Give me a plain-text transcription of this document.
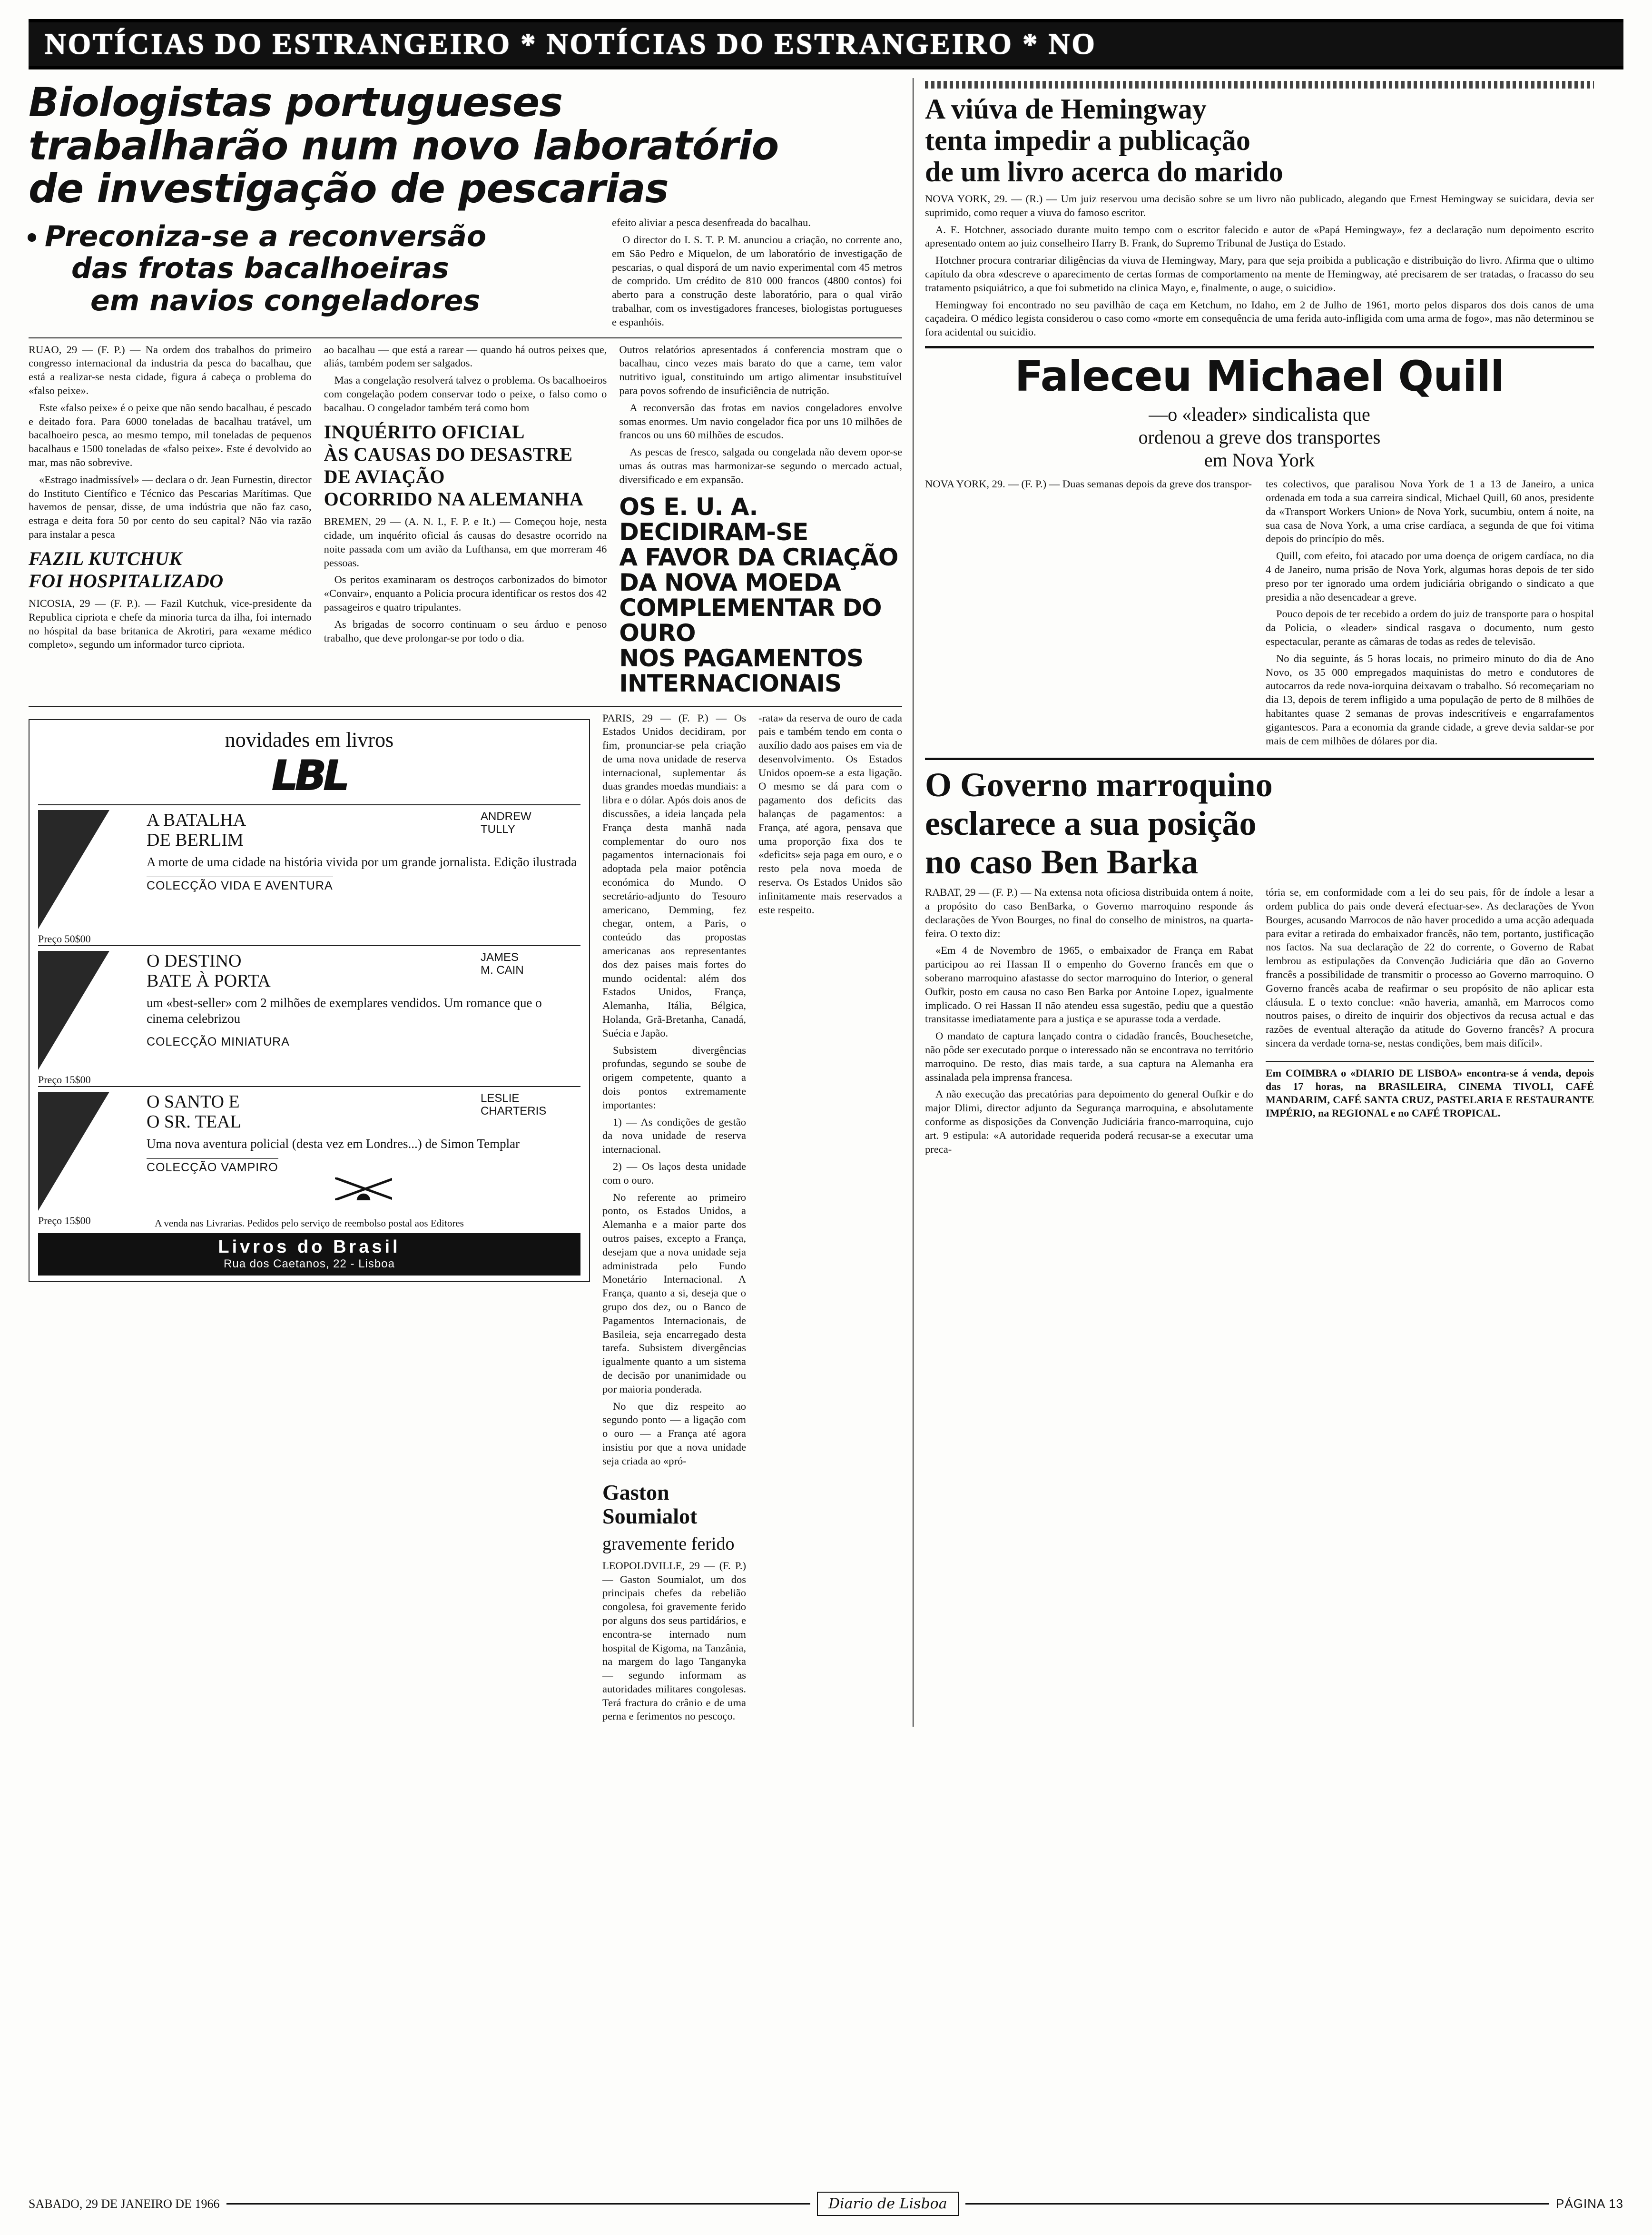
NOTÍCIAS DO ESTRANGEIRO * NOTÍCIAS DO ESTRANGEIRO * NO
Biologistas portugueses
trabalharão num novo laboratório
de investigação de pescarias
Preconiza-se a reconversão
das frotas bacalhoeiras
em navios congeladores

efeito aliviar a pesca desenfreada do bacalhau.

O director do I. S. T. P. M. anunciou a criação, no corrente ano, em São Pedro e Miquelon, de um laboratório de investigação de pescarias, o qual disporá de um navio experimental com 45 metros de comprido. Um crédito de 810 000 francos (4800 contos) foi aberto para a construção deste laboratório, para o qual virão trabalhar, com os investigadores franceses, biologistas portugueses e espanhóis.

RUAO, 29 — (F. P.) — Na ordem dos trabalhos do primeiro congresso internacional da industria da pesca do bacalhau, que está a realizar-se nesta cidade, figura á cabeça o problema do «falso peixe».

Este «falso peixe» é o peixe que não sendo bacalhau, é pescado e deitado fora. Para 6000 toneladas de bacalhau tratável, um bacalhoeiro pesca, ao mesmo tempo, mil toneladas de pequenos bacalhaus e 1500 toneladas de «falso peixe». Este é devolvido ao mar, mas não sobrevive.

«Estrago inadmissível» — declara o dr. Jean Furnestin, director do Instituto Científico e Técnico das Pescarias Marítimas. Que havemos de pensar, disse, de uma indústria que não faz caso, estraga e deita fora 50 por cento do seu capital? Não via razão para instalar a pesca

FAZIL KUTCHUK
FOI HOSPITALIZADO

NICOSIA, 29 — (F. P.). — Fazil Kutchuk, vice-presidente da Republica cipriota e chefe da minoria turca da ilha, foi internado no hóspital da base britanica de Akrotiri, para «exame médico completo», segundo um informador turco cipriota.

ao bacalhau — que está a rarear — quando há outros peixes que, aliás, também podem ser salgados.

Mas a congelação resolverá talvez o problema. Os bacalhoeiros com congelação podem conservar todo o peixe, o falso como o bacalhau. O congelador também terá como bom

INQUÉRITO OFICIAL
ÀS CAUSAS DO DESASTRE
DE AVIAÇÃO
OCORRIDO NA ALEMANHA

BREMEN, 29 — (A. N. I., F. P. e It.) — Começou hoje, nesta cidade, um inquérito oficial ás causas do desastre ocorrido na noite passada com um avião da Lufthansa, em que morreram 46 pessoas.

Os peritos examinaram os destroços carbonizados do bimotor «Convair», enquanto a Policia procura identificar os restos dos 42 passageiros e quatro tripulantes.

As brigadas de socorro continuam o seu árduo e penoso trabalho, que deve prolongar-se por todo o dia.

Outros relatórios apresentados á conferencia mostram que o bacalhau, cinco vezes mais barato do que a carne, tem valor nutritivo igual, constituindo um artigo alimentar insubstituível para povos sofrendo de insuficiência de nutrição.

A reconversão das frotas em navios congeladores envolve somas enormes. Um navio congelador fica por uns 10 milhões de francos ou uns 60 milhões de escudos.

As pescas de fresco, salgada ou congelada não devem opor-se umas ás outras mas harmonizar-se segundo o mercado actual, diversificado e em expansão.

OS E. U. A. DECIDIRAM-SE
A FAVOR DA CRIAÇÃO
DA NOVA MOEDA
COMPLEMENTAR DO OURO
NOS PAGAMENTOS INTERNACIONAIS
novidades em livros
LBL
Preço 50$00
ANDREW
TULLY
A BATALHA
DE BERLIM
A morte de uma cidade na história vivida por um grande jornalista. Edição ilustrada
COLECÇÃO VIDA E AVENTURA
Preço 15$00
JAMES
M. CAIN
O DESTINO
BATE À PORTA
um «best-seller» com 2 milhões de exemplares vendidos. Um romance que o cinema celebrizou
COLECÇÃO MINIATURA
Preço 15$00
LESLIE
CHARTERIS
O SANTO E
O SR. TEAL
Uma nova aventura policial (desta vez em Londres...) de Simon Templar
COLECÇÃO VAMPIRO
A venda nas Livrarias. Pedidos pelo serviço de reembolso postal aos Editores
Livros do Brasil
Rua dos Caetanos, 22 - Lisboa

PARIS, 29 — (F. P.) — Os Estados Unidos decidiram, por fim, pronunciar-se pela criação de uma nova unidade de reserva internacional, suplementar ás duas grandes moedas mundiais: a libra e o dólar. Após dois anos de discussões, a ideia lançada pela França desta manhã nada complementar do ouro nos pagamentos internacionais foi adoptada pela maior potência económica do Mundo. O secretário-adjunto do Tesouro americano, Demming, fez chegar, ontem, a Paris, o conteúdo das propostas americanas aos representantes dos dez paises mais fortes do mundo ocidental: além dos Estados Unidos, França, Alemanha, Itália, Bélgica, Holanda, Grã-Bretanha, Canadá, Suécia e Japão.

Subsistem divergências profundas, segundo se soube de origem competente, quanto a dois pontos extremamente importantes:

1) — As condições de gestão da nova unidade de reserva internacional.

2) — Os laços desta unidade com o ouro.

No referente ao primeiro ponto, os Estados Unidos, a Alemanha e a maior parte dos outros paises, excepto a França, desejam que a nova unidade seja administrada pelo Fundo Monetário Internacional. A França, quanto a si, deseja que o grupo dos dez, ou o Banco de Pagamentos Internacionais, de Basileia, seja encarregado desta tarefa. Subsistem divergências igualmente quanto a um sistema de decisão por unanimidade ou por maioria ponderada.

No que diz respeito ao segundo ponto — a ligação com o ouro — a França até agora insistiu por que a nova unidade seja criada ao «pró-

Gaston Soumialot
gravemente ferido

LEOPOLDVILLE, 29 — (F. P.) — Gaston Soumialot, um dos principais chefes da rebelião congolesa, foi gravemente ferido por alguns dos seus partidários, e encontra-se internado num hospital de Kigoma, na Tanzânia, na margem do lago Tanganyka — segundo informam as autoridades militares congolesas. Terá fractura do crânio e de uma perna e ferimentos no pescoço.

-rata» da reserva de ouro de cada pais e também tendo em conta o auxílio dado aos paises em via de desenvolvimento. Os Estados Unidos opoem-se a esta ligação. O mesmo se dá para com o pagamento dos deficits das balanças de pagamentos: a França, até agora, pensava que uma proporção fixa dos te «deficits» seja paga em ouro, e o resto pela nova moeda de reserva. Os Estados Unidos são infinitamente mais reservados a este respeito.

A viúva de Hemingway
tenta impedir a publicação
de um livro acerca do marido

NOVA YORK, 29. — (R.) — Um juiz reservou uma decisão sobre se um livro não publicado, alegando que Ernest Hemingway se suicidara, devia ser suprimido, como requer a viuva do famoso escritor.

A. E. Hotchner, associado durante muito tempo com o escritor falecido e autor de «Papá Hemingway», fez a declaração num depoimento escrito apresentado ontem ao juiz conselheiro Harry B. Frank, do Supremo Tribunal de Justiça do Estado.

Hotchner procura contrariar diligências da viuva de Hemingway, Mary, para que seja proibida a publicação e distribuição do livro. Afirma que o ultimo capítulo da obra «descreve o aparecimento de certas formas de comportamento na mente de Hemingway, até precisarem de ser tratadas, o fracasso do seu tratamento psiquiátrico, a que foi submetido na clinica Mayo, e, finalmente, o auge, o suicidio».

Hemingway foi encontrado no seu pavilhão de caça em Ketchum, no Idaho, em 2 de Julho de 1961, morto pelos disparos dos dois canos de uma caçadeira. O médico legista considerou o caso como «morte em consequência de uma ferida auto-infligida com uma arma de fogo», mas não determinou se fora acidental ou suicidio.

Faleceu Michael Quill
—o «leader» sindicalista que
ordenou a greve dos transportes
em Nova York

NOVA YORK, 29. — (F. P.) — Duas semanas depois da greve dos transpor- tes colectivos, que paralisou Nova York de 1 a 13 de Janeiro, a unica ordenada em toda a sua carreira sindical, Michael Quill, 60 anos, presidente da «Transport Workers Union» de Nova York, sucumbiu, ontem á noite, na sua casa de Nova York, a uma crise cardíaca, a segunda de que foi vitima depois do princípio do mês.

Quill, com efeito, foi atacado por uma doença de origem cardíaca, no dia 4 de Janeiro, numa prisão de Nova York, algumas horas depois de ter sido preso por ter ignorado uma ordem judiciária obrigando o sindicato a que presidia a não desencadear a greve.

Pouco depois de ter recebido a ordem do juiz de transporte para o hospital da Policia, o «leader» sindical rasgava o documento, num gesto espectacular, perante as câmaras de todas as redes de televisão.

No dia seguinte, ás 5 horas locais, no primeiro minuto do dia de Ano Novo, os 35 000 empregados maquinistas do metro e condutores de autocarros da rede nova-iorquina deixavam o trabalho. Só recomeçariam no dia 13, depois de terem infligido a uma população de perto de 8 milhões de habitantes quase 2 semanas de provas indescritíveis e engarrafamentos gigantescos. Para a economia da grande cidade, a greve devia saldar-se por mais de cem milhões de dólares por dia.

O Governo marroquino
esclarece a sua posição
no caso Ben Barka

RABAT, 29 — (F. P.) — Na extensa nota oficiosa distribuida ontem á noite, a propósito do caso BenBarka, o Governo marroquino responde ás declarações de Yvon Bourges, no final do conselho de ministros, na quarta-feira. O texto diz:

«Em 4 de Novembro de 1965, o embaixador de França em Rabat participou ao rei Hassan II o empenho do Governo francês em que o soberano marroquino afastasse do sector marroquino do Interior, o general Oufkir, posto em causa no caso Ben Barka por Antoine Lopez, igualmente implicado. O rei Hassan II não atendeu essa sugestão, pediu que a questão transitasse imediatamente para a justiça e se apurasse toda a verdade.

O mandato de captura lançado contra o cidadão francês, Bouchesetche, não pôde ser executado porque o interessado não se encontrava no território marroquino. De resto, dias mais tarde, a sua captura na Alemanha era assinalada pela imprensa francesa.

A não execução das precatórias para depoimento do general Oufkir e do major Dlimi, director adjunto da Segurança marroquina, e absolutamente conforme as disposições da Convenção Judiciária franco-marroquina, cujo art. 9 estipula: «A autoridade requerida poderá recusar-se a executar uma preca-

tória se, em conformidade com a lei do seu pais, fôr de índole a lesar a ordem publica do pais onde deverá efectuar-se». As declarações de Yvon Bourges, acusando Marrocos de não haver procedido a uma acção adequada para evitar a retirada do embaixador francês, não tem, portanto, justificação nos factos. Na sua declaração de 22 do corrente, o Governo de Rabat lembrou as estipulações da Convenção Judiciária que dão ao Governo francês a possibilidade de transmitir o processo ao Governo marroquino. O Governo francês acaba de reafirmar o seu propósito de não aplicar esta cláusula. E o texto conclue: «não haveria, amanhã, em Marrocos como noutros paises, o direito de inquirir dos objectivos da recusa actual e das razões de eventual alteração da atitude do Governo francês? A procura sincera da verdade torna-se, nestas condições, bem mais difícil».

Em COIMBRA o «DIARIO DE LISBOA» encontra-se á venda, depois das 17 horas, na BRASILEIRA, CINEMA TIVOLI, CAFÉ MANDARIM, CAFÉ SANTA CRUZ, PASTELARIA E RESTAURANTE IMPÉRIO, na REGIONAL e no CAFÉ TROPICAL.

SABADO, 29 DE JANEIRO DE 1966	Diario de Lisboa	PÁGINA 13
